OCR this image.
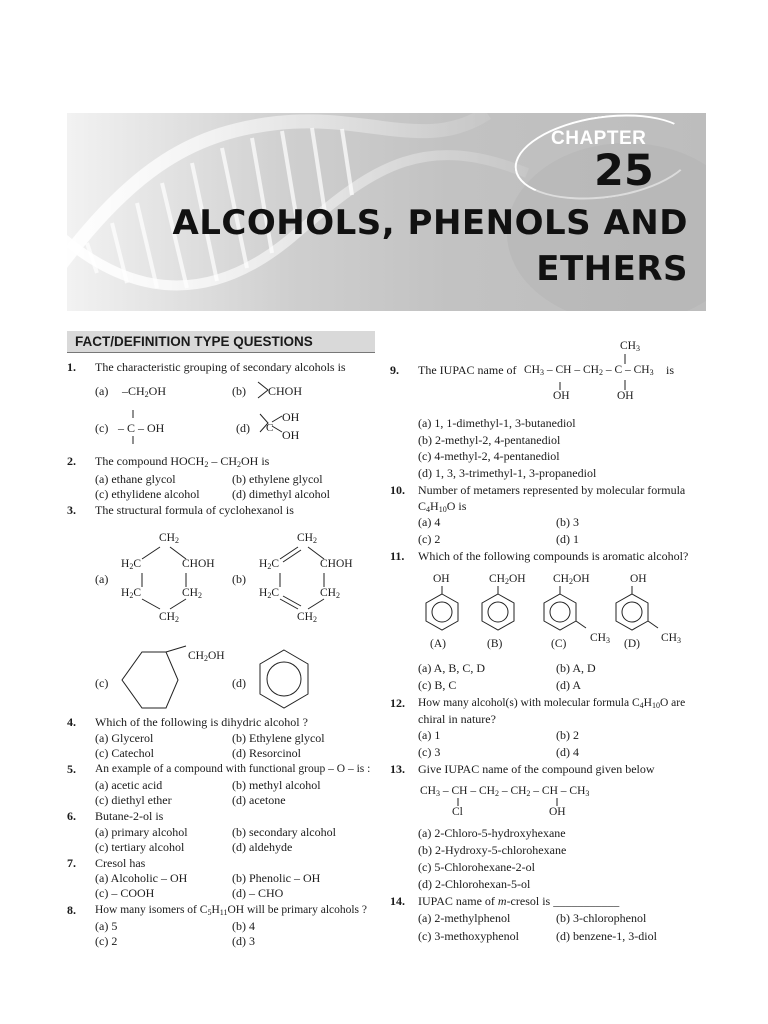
CHAPTER
25
ALCOHOLS, PHENOLS AND
ETHERS
FACT/DEFINITION TYPE QUESTIONS
1. The characteristic grouping of secondary alcohols is
(a) $-CH_2OH$	(b) CHOH
(c) – C – OH	(d) C
OH
OH
2. The compound $HOCH_2 - CH_2OH$ is
(a) ethane glycol	(b) ethylene glycol
(c) ethylidene alcohol	(d) dimethyl alcohol
3. The structural formula of cyclohexanol is
(a)
$CH_2$
$H_2C$	CHOH
$H_2C$	$CH_2$
$CH_2$
(b)
$CH_2$
$H_2C$	CHOH
$H_2C$	$CH_2$
$CH_2$
(c)
$CH_2OH$
(d)
4. Which of the following is dihydric alcohol ?
(a) Glycerol	(b) Ethylene glycol
(c) Catechol	(d) Resorcinol
5. An example of a compound with functional group – O – is :
(a) acetic acid	(b) methyl alcohol
(c) diethyl ether	(d) acetone
6. Butane-2-ol is
(a) primary alcohol	(b) secondary alcohol
(c) tertiary alcohol	(d) aldehyde
7. Cresol has
(a) Alcoholic – OH	(b) Phenolic – OH
(c) – COOH	(d) – CHO
8. How many isomers of $C_5H_{11}OH$ will be primary alcohols ?
(a) 5	(b) 4
(c) 2	(d) 3
$CH_3$
9. The IUPAC name of $CH_3$ – CH – $CH_2$ – C – $CH_3$ is
OH	OH
(a) 1, 1-dimethyl-1, 3-butanediol
(b) 2-methyl-2, 4-pentanediol
(c) 4-methyl-2, 4-pentanediol
(d) 1, 3, 3-trimethyl-1, 3-propanediol
10. Number of metamers represented by molecular formula
$C_4H_{10}O$ is
(a) 4	(b) 3
(c) 2	(d) 1
11. Which of the following compounds is aromatic alcohol?
OH	$CH_2OH$ $CH_2OH$	OH
$CH_3$	$CH_3$
(A)	(B)	(C)	(D)
(a) A, B, C, D	(b) A, D
(c) B, C	(d) A
12. How many alcohol(s) with molecular formula $C_4H_{10}O$ are
chiral in nature?
(a) 1	(b) 2
(c) 3	(d) 4
13. Give IUPAC name of the compound given below
$CH_3$ – CH – $CH_2 - CH_2$ – CH – $CH_3$
Cl	OH
(a) 2-Chloro-5-hydroxyhexane
(b) 2-Hydroxy-5-chlorohexane
(c) 5-Chlorohexane-2-ol
(d) 2-Chlorohexan-5-ol
14. IUPAC name of m-cresol is ___________
(a) 2-methylphenol	(b) 3-chlorophenol
(c) 3-methoxyphenol	(d) benzene-1, 3-diol
